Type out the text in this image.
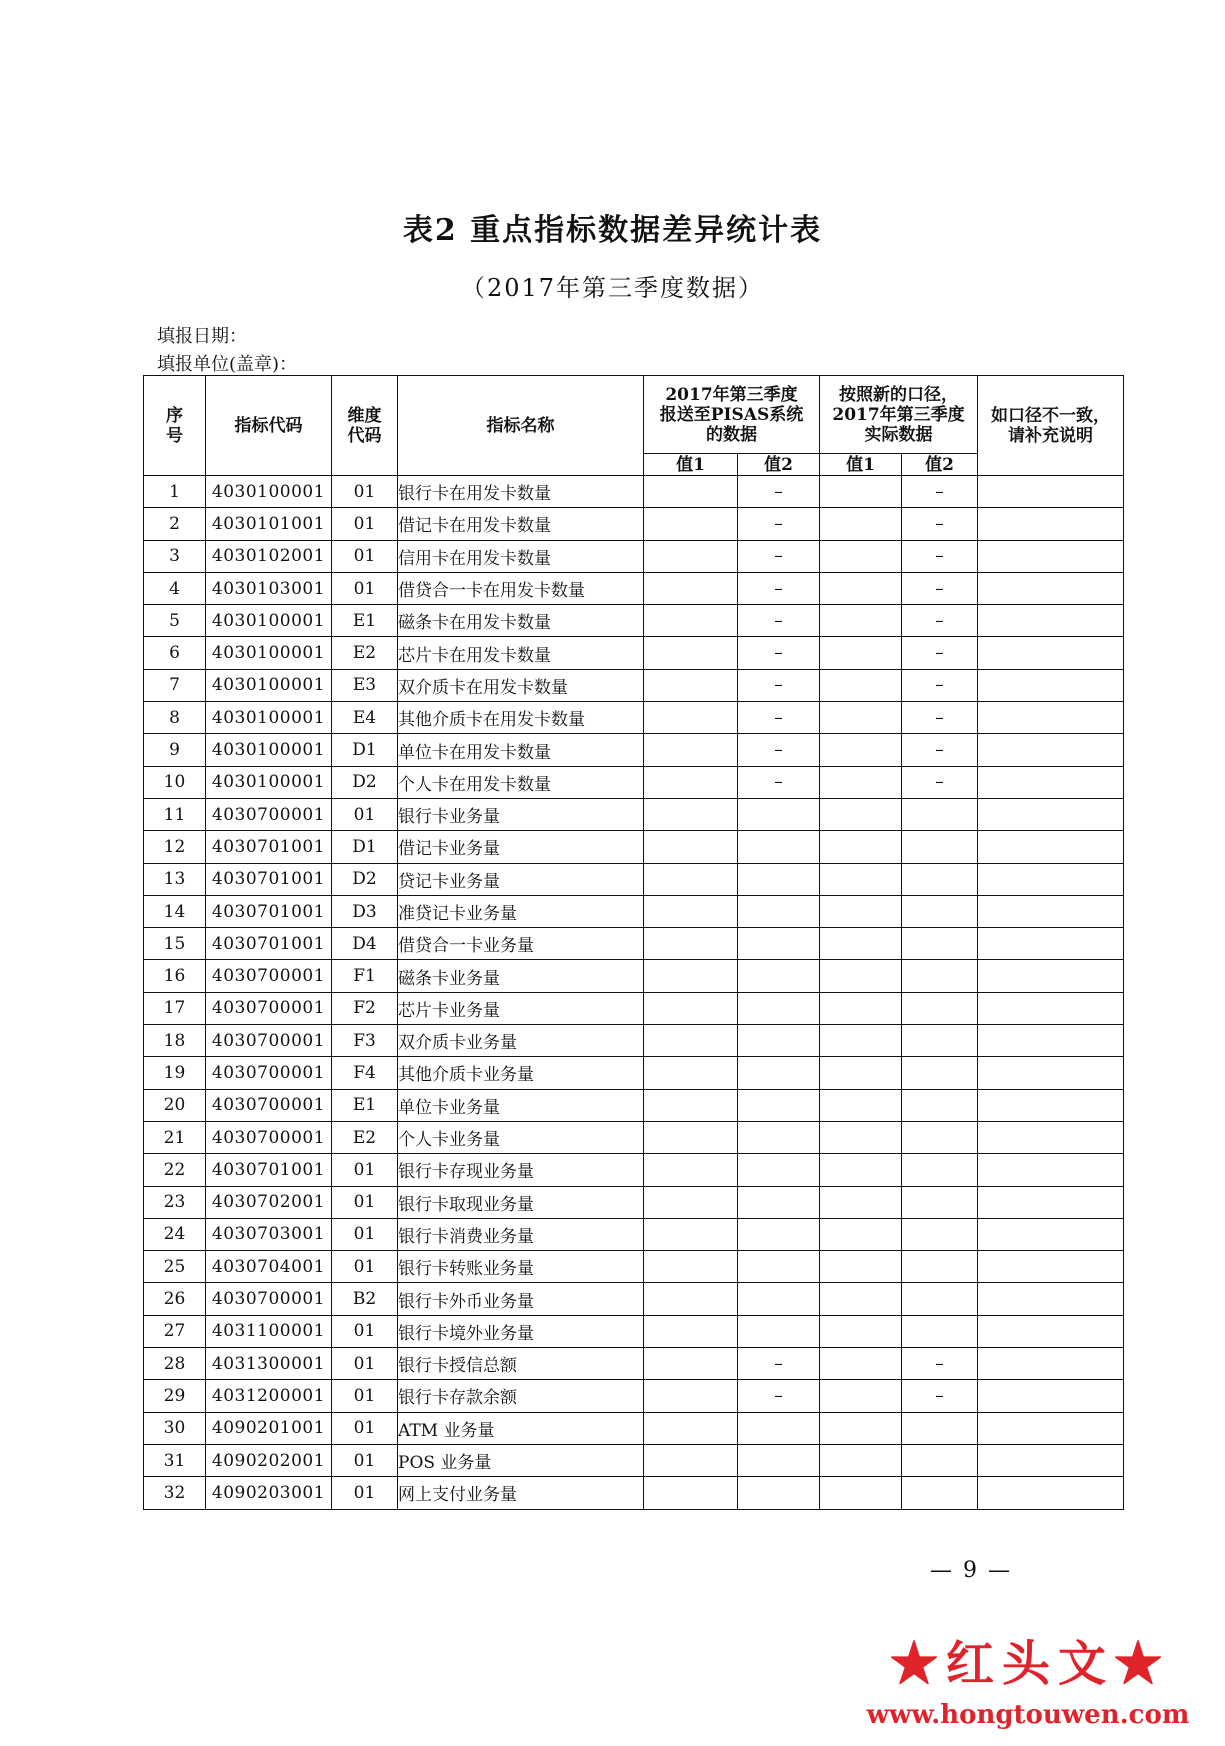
表2 重点指标数据差异统计表
（2017年第三季度数据）
填报日期：
填报单位(盖章)：
序号	指标代码	维度代码	指标名称	2017年第三季度报送至PISAS系统的数据		按照新的口径，2017年第三季度实际数据		如口径不一致，请补充说明
				值1	值2	值1	值2	
1	4030100001	01	银行卡在用发卡数量		–		–	
2	4030101001	01	借记卡在用发卡数量		–		–	
3	4030102001	01	信用卡在用发卡数量		–		–	
4	4030103001	01	借贷合一卡在用发卡数量		–		–	
5	4030100001	E1	磁条卡在用发卡数量		–		–	
6	4030100001	E2	芯片卡在用发卡数量		–		–	
7	4030100001	E3	双介质卡在用发卡数量		–		–	
8	4030100001	E4	其他介质卡在用发卡数量		–		–	
9	4030100001	D1	单位卡在用发卡数量		–		–	
10	4030100001	D2	个人卡在用发卡数量		–		–	
11	4030700001	01	银行卡业务量					
12	4030701001	D1	借记卡业务量					
13	4030701001	D2	贷记卡业务量					
14	4030701001	D3	准贷记卡业务量					
15	4030701001	D4	借贷合一卡业务量					
16	4030700001	F1	磁条卡业务量					
17	4030700001	F2	芯片卡业务量					
18	4030700001	F3	双介质卡业务量					
19	4030700001	F4	其他介质卡业务量					
20	4030700001	E1	单位卡业务量					
21	4030700001	E2	个人卡业务量					
22	4030701001	01	银行卡存现业务量					
23	4030702001	01	银行卡取现业务量					
24	4030703001	01	银行卡消费业务量					
25	4030704001	01	银行卡转账业务量					
26	4030700001	B2	银行卡外币业务量					
27	4031100001	01	银行卡境外业务量					
28	4031300001	01	银行卡授信总额		–		–	
29	4031200001	01	银行卡存款余额		–		–	
30	4090201001	01	ATM 业务量					
31	4090202001	01	POS 业务量					
32	4090203001	01	网上支付业务量					
— 9 —
★红头文★
www.hongtouwen.com
